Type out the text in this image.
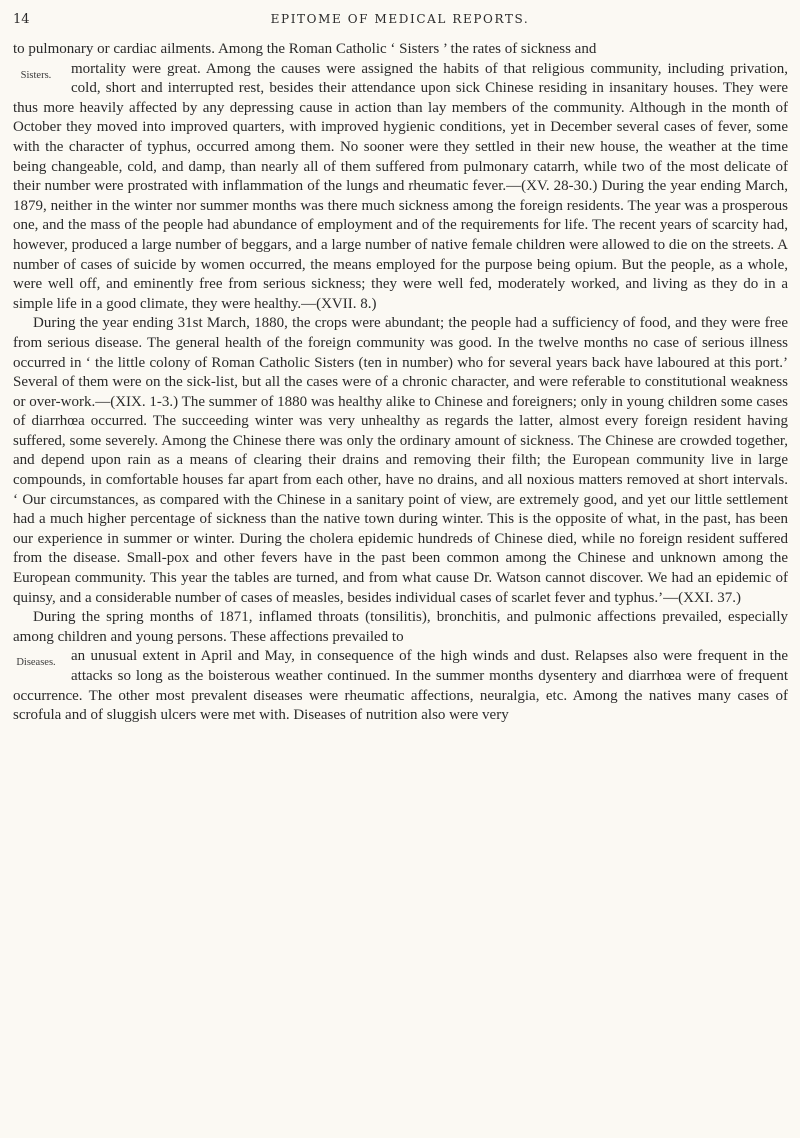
14	EPITOME OF MEDICAL REPORTS.

to pulmonary or cardiac ailments. Among the Roman Catholic ‘ Sisters ’ the rates of sickness and

Sisters.	mortality were great. Among the causes were assigned the habits of that religious community, including privation, cold, short and interrupted rest, besides their attendance upon sick Chinese residing in insanitary houses. They were thus more heavily affected by any depressing cause in action than lay members of the community. Although in the month of October they moved into improved quarters, with improved hygienic conditions, yet in December several cases of fever, some with the character of typhus, occurred among them. No sooner were they settled in their new house, the weather at the time being changeable, cold, and damp, than nearly all of them suffered from pulmonary catarrh, while two of the most delicate of their number were prostrated with inflammation of the lungs and rheumatic fever.—(XV. 28-30.) During the year ending March, 1879, neither in the winter nor summer months was there much sickness among the foreign residents. The year was a prosperous one, and the mass of the people had abundance of employment and of the requirements for life. The recent years of scarcity had, however, produced a large number of beggars, and a large number of native female children were allowed to die on the streets. A number of cases of suicide by women occurred, the means employed for the purpose being opium. But the people, as a whole, were well off, and eminently free from serious sickness; they were well fed, moderately worked, and living as they do in a simple life in a good climate, they were healthy.—(XVII. 8.)

During the year ending 31st March, 1880, the crops were abundant; the people had a sufficiency of food, and they were free from serious disease. The general health of the foreign community was good. In the twelve months no case of serious illness occurred in ‘ the little colony of Roman Catholic Sisters (ten in number) who for several years back have laboured at this port.’ Several of them were on the sick-list, but all the cases were of a chronic character, and were referable to constitutional weakness or over-work.—(XIX. 1-3.) The summer of 1880 was healthy alike to Chinese and foreigners; only in young children some cases of diarrhœa occurred. The succeeding winter was very unhealthy as regards the latter, almost every foreign resident having suffered, some severely. Among the Chinese there was only the ordinary amount of sickness. The Chinese are crowded together, and depend upon rain as a means of clearing their drains and removing their filth; the European community live in large compounds, in comfortable houses far apart from each other, have no drains, and all noxious matters removed at short intervals. ‘ Our circumstances, as compared with the Chinese in a sanitary point of view, are extremely good, and yet our little settlement had a much higher percentage of sickness than the native town during winter. This is the opposite of what, in the past, has been our experience in summer or winter. During the cholera epidemic hundreds of Chinese died, while no foreign resident suffered from the disease. Small-pox and other fevers have in the past been common among the Chinese and unknown among the European community. This year the tables are turned, and from what cause Dr. Watson cannot discover. We had an epidemic of quinsy, and a considerable number of cases of measles, besides individual cases of scarlet fever and typhus.’—(XXI. 37.)

During the spring months of 1871, inflamed throats (tonsilitis), bronchitis, and pulmonic affections prevailed, especially among children and young persons. These affections prevailed to

Diseases.	an unusual extent in April and May, in consequence of the high winds and dust. Relapses also were frequent in the attacks so long as the boisterous weather continued. In the summer months dysentery and diarrhœa were of frequent occurrence. The other most prevalent diseases were rheumatic affections, neuralgia, etc. Among the natives many cases of scrofula and of sluggish ulcers were met with. Diseases of nutrition also were very
